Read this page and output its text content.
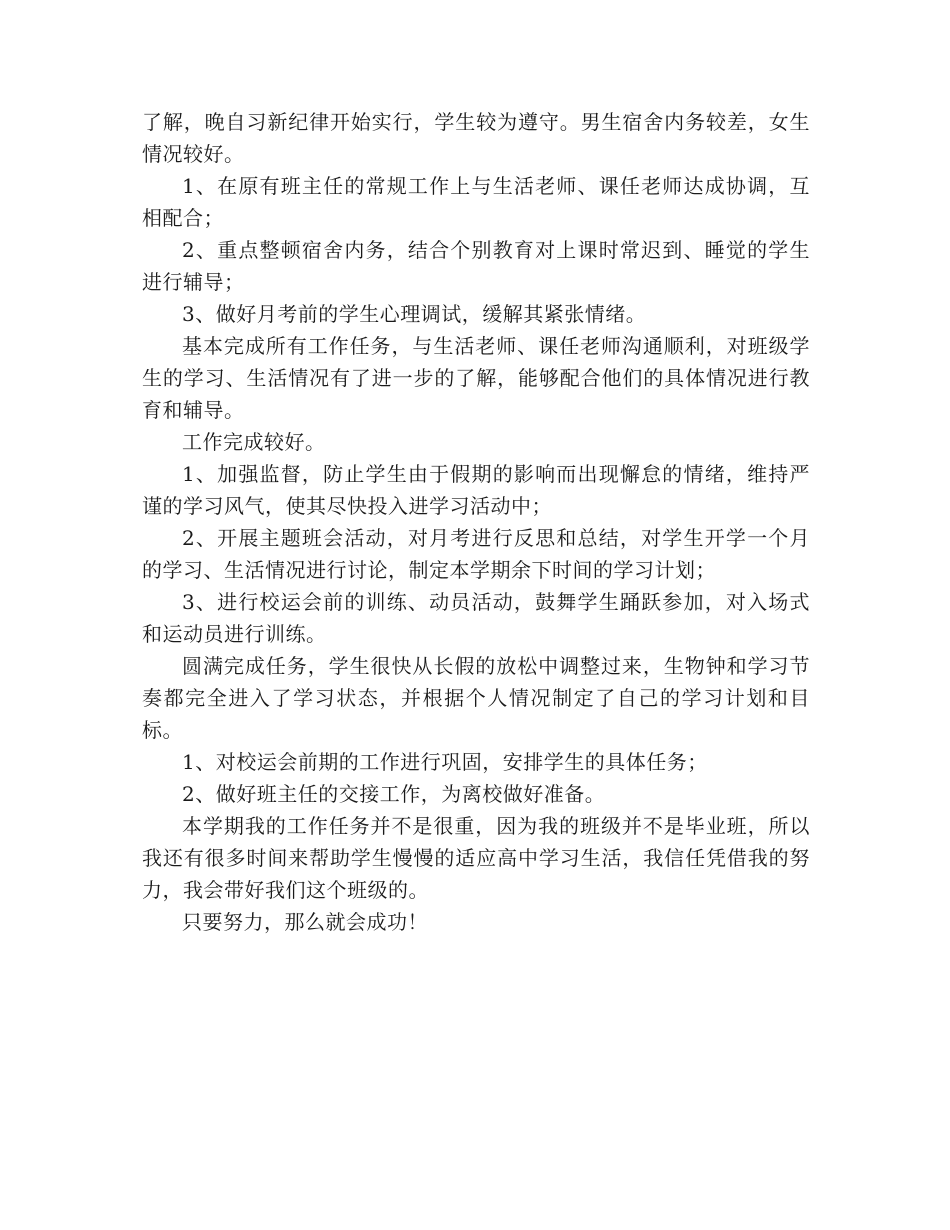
了解，晚自习新纪律开始实行，学生较为遵守。男生宿舍内务较差，女生情况较好。

1、在原有班主任的常规工作上与生活老师、课任老师达成协调，互相配合；

2、重点整顿宿舍内务，结合个别教育对上课时常迟到、睡觉的学生进行辅导；

3、做好月考前的学生心理调试，缓解其紧张情绪。

基本完成所有工作任务，与生活老师、课任老师沟通顺利，对班级学生的学习、生活情况有了进一步的了解，能够配合他们的具体情况进行教育和辅导。

工作完成较好。

1、加强监督，防止学生由于假期的影响而出现懈怠的情绪，维持严谨的学习风气，使其尽快投入进学习活动中；

2、开展主题班会活动，对月考进行反思和总结，对学生开学一个月的学习、生活情况进行讨论，制定本学期余下时间的学习计划；

3、进行校运会前的训练、动员活动，鼓舞学生踊跃参加，对入场式和运动员进行训练。

圆满完成任务，学生很快从长假的放松中调整过来，生物钟和学习节奏都完全进入了学习状态，并根据个人情况制定了自己的学习计划和目标。

1、对校运会前期的工作进行巩固，安排学生的具体任务；

2、做好班主任的交接工作，为离校做好准备。

本学期我的工作任务并不是很重，因为我的班级并不是毕业班，所以我还有很多时间来帮助学生慢慢的适应高中学习生活，我信任凭借我的努力，我会带好我们这个班级的。

只要努力，那么就会成功！
